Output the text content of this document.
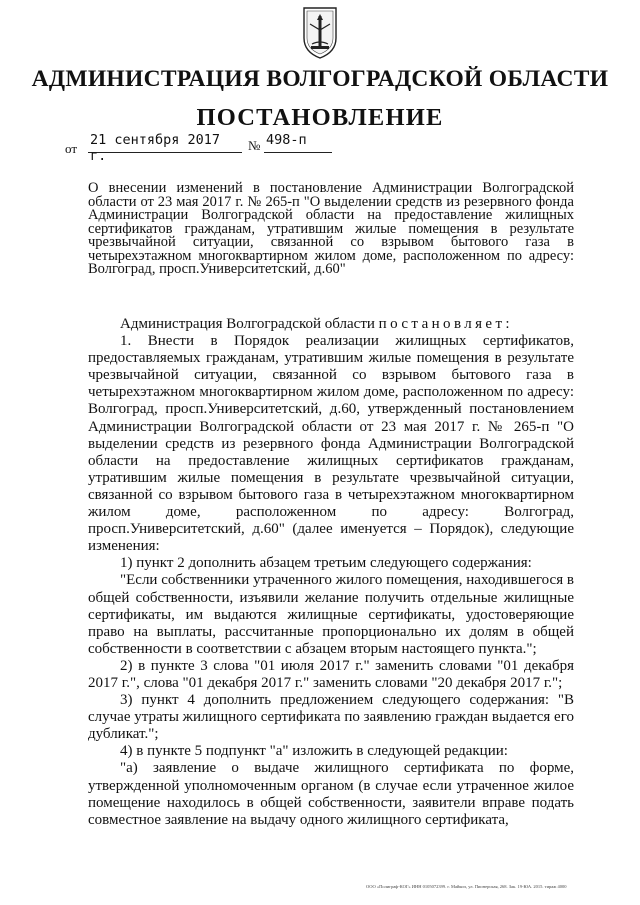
АДМИНИСТРАЦИЯ ВОЛГОГРАДСКОЙ ОБЛАСТИ
ПОСТАНОВЛЕНИЕ
от
21 сентября 2017 г.
№ 498-п
О внесении изменений в постановление Администрации Волгоградской области от 23 мая 2017 г. № 265-п "О выделении средств из резервного фонда Администрации Волгоградской области на предоставление жилищных сертификатов гражданам, утратившим жилые помещения в результате чрезвычайной ситуации, связанной со взрывом бытового газа в четырехэтажном многоквартирном жилом доме, расположенном по адресу: Волгоград, просп.Университетский, д.60"

Администрация Волгоградской области постановляет:

1. Внести в Порядок реализации жилищных сертификатов, предоставляемых гражданам, утратившим жилые помещения в результате чрезвычайной ситуации, связанной со взрывом бытового газа в четырехэтажном многоквартирном жилом доме, расположенном по адресу: Волгоград, просп.Университетский, д.60, утвержденный постановлением Администрации Волгоградской области от 23 мая 2017 г. № 265-п "О выделении средств из резервного фонда Администрации Волгоградской области на предоставление жилищных сертификатов гражданам, утратившим жилые помещения в результате чрезвычайной ситуации, связанной со взрывом бытового газа в четырехэтажном многоквартирном жилом доме, расположенном по адресу: Волгоград, просп.Университетский, д.60" (далее именуется – Порядок), следующие изменения:

1) пункт 2 дополнить абзацем третьим следующего содержания:

"Если собственники утраченного жилого помещения, находившегося в общей собственности, изъявили желание получить отдельные жилищные сертификаты, им выдаются жилищные сертификаты, удостоверяющие право на выплаты, рассчитанные пропорционально их долям в общей собственности в соответствии с абзацем вторым настоящего пункта.";

2) в пункте 3 слова "01 июля 2017 г." заменить словами "01 декабря 2017 г.", слова "01 декабря 2017 г." заменить словами "20 декабря 2017 г.";

3) пункт 4 дополнить предложением следующего содержания: "В случае утраты жилищного сертификата по заявлению граждан выдается его дубликат.";

4) в пункте 5 подпункт "а" изложить в следующей редакции:

"а) заявление о выдаче жилищного сертификата по форме, утвержденной уполномоченным органом (в случае если утраченное жилое помещение находилось в общей собственности, заявители вправе подать совместное заявление на выдачу одного жилищного сертификата,

ООО «Полиграф-КОГ» ИНН 0105072399. г. Майкоп, ул. Пионерская, 268. Зак. 19-ЮА. 2015. тираж 4000
